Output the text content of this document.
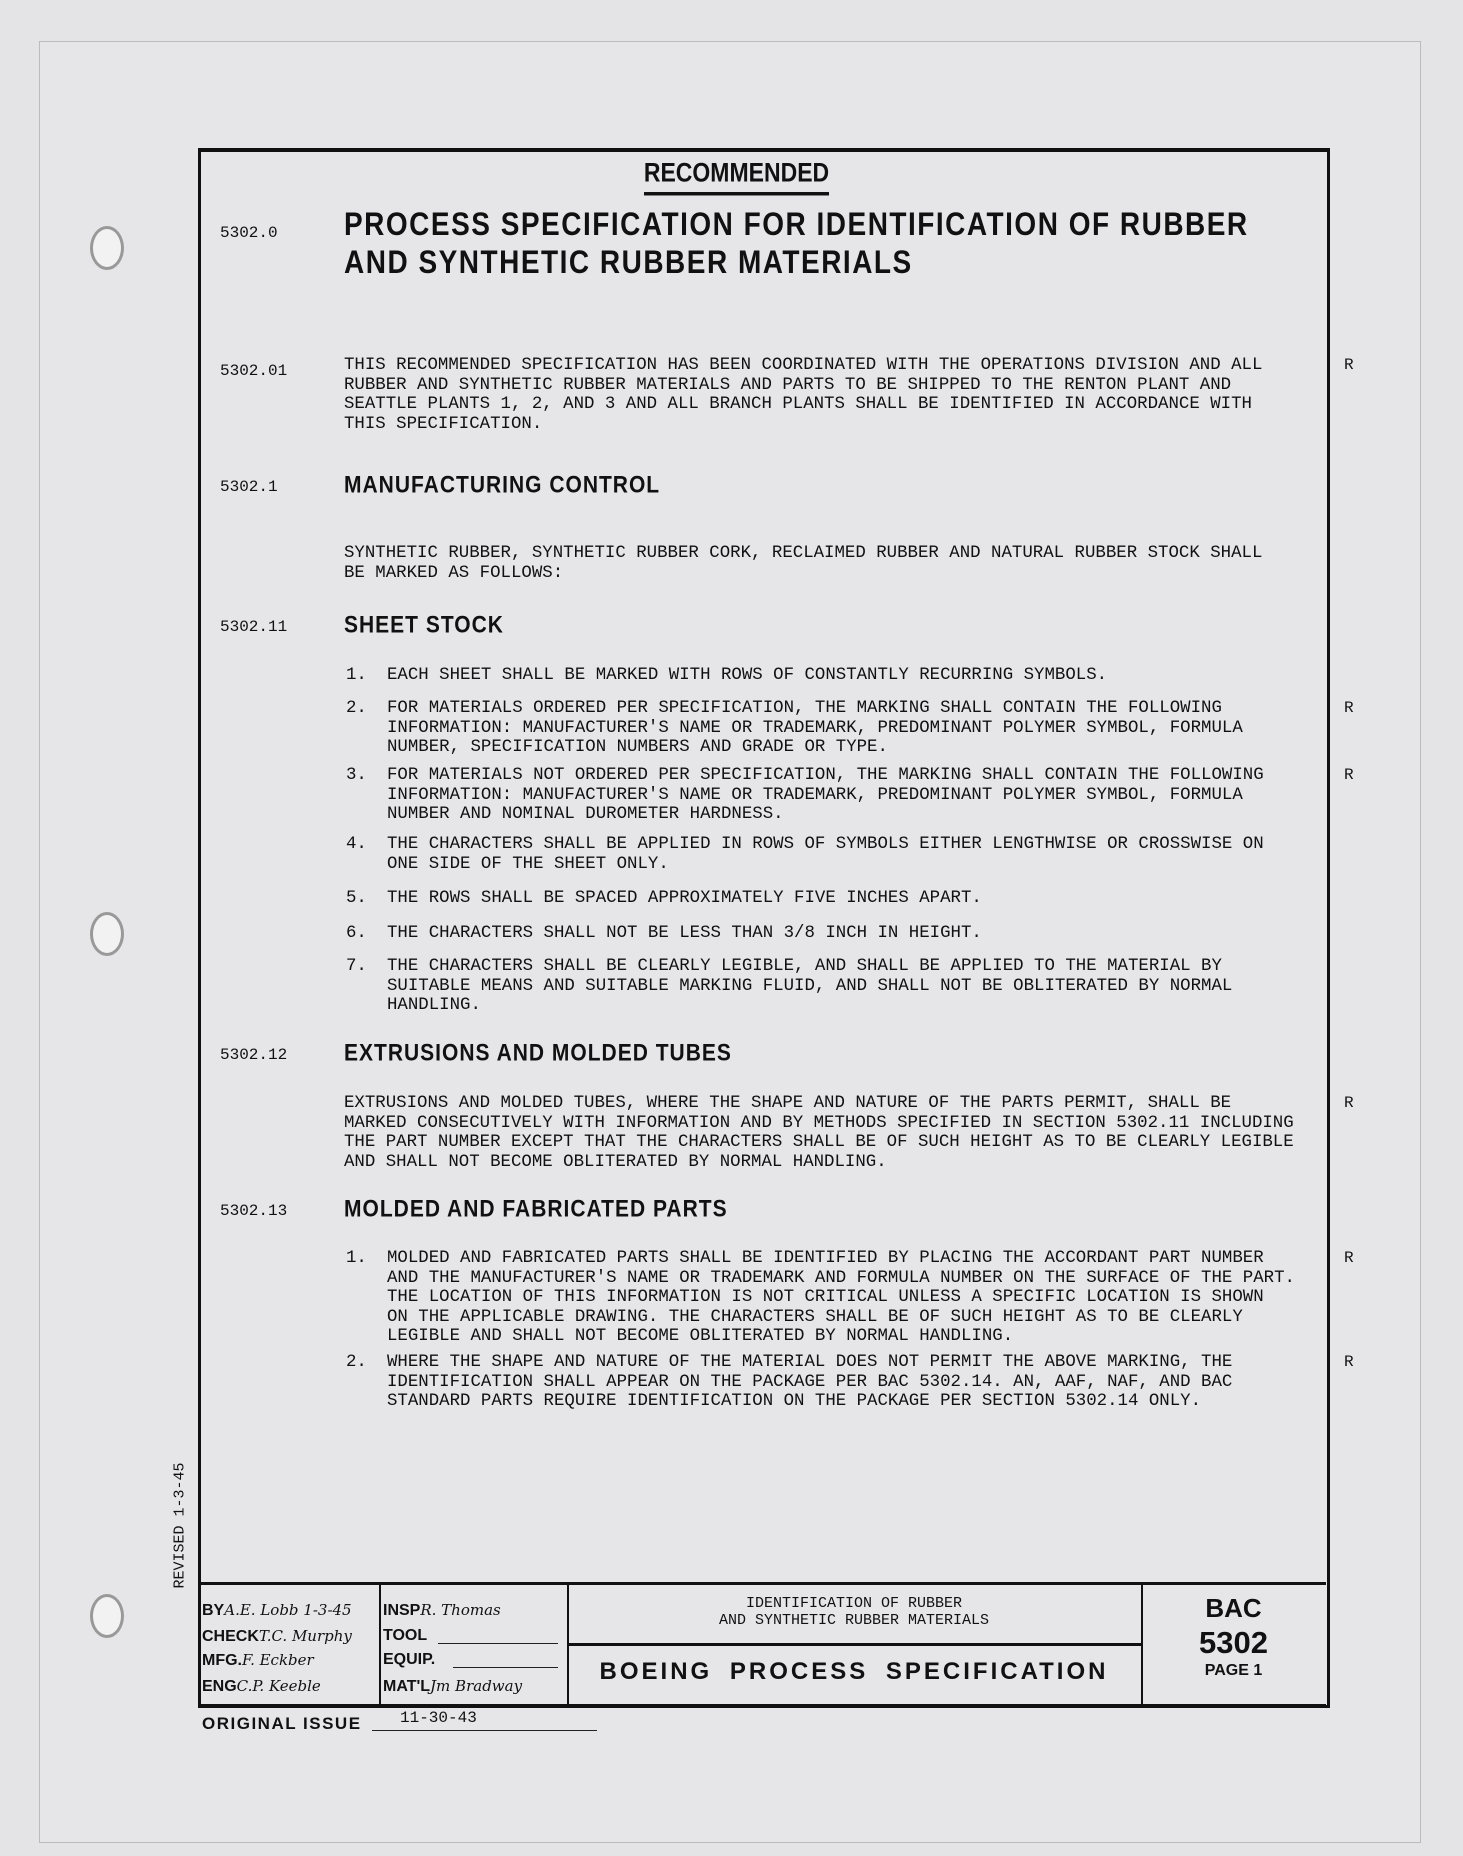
RECOMMENDED
5302.0 PROCESS SPECIFICATION FOR IDENTIFICATION OF RUBBER
AND SYNTHETIC RUBBER MATERIALS
5302.01	THIS RECOMMENDED SPECIFICATION HAS BEEN COORDINATED WITH THE OPERATIONS DIVISION AND ALL
RUBBER AND SYNTHETIC RUBBER MATERIALS AND PARTS TO BE SHIPPED TO THE RENTON PLANT AND
SEATTLE PLANTS 1, 2, AND 3 AND ALL BRANCH PLANTS SHALL BE IDENTIFIED IN ACCORDANCE WITH
THIS SPECIFICATION.
R
5302.1	MANUFACTURING CONTROL
SYNTHETIC RUBBER, SYNTHETIC RUBBER CORK, RECLAIMED RUBBER AND NATURAL RUBBER STOCK SHALL
BE MARKED AS FOLLOWS:
5302.11	SHEET STOCK
1. EACH SHEET SHALL BE MARKED WITH ROWS OF CONSTANTLY RECURRING SYMBOLS.
2. FOR MATERIALS ORDERED PER SPECIFICATION, THE MARKING SHALL CONTAIN THE FOLLOWING
INFORMATION: MANUFACTURER'S NAME OR TRADEMARK, PREDOMINANT POLYMER SYMBOL, FORMULA
NUMBER, SPECIFICATION NUMBERS AND GRADE OR TYPE.
R
3. FOR MATERIALS NOT ORDERED PER SPECIFICATION, THE MARKING SHALL CONTAIN THE FOLLOWING
INFORMATION: MANUFACTURER'S NAME OR TRADEMARK, PREDOMINANT POLYMER SYMBOL, FORMULA
NUMBER AND NOMINAL DUROMETER HARDNESS.
R
4. THE CHARACTERS SHALL BE APPLIED IN ROWS OF SYMBOLS EITHER LENGTHWISE OR CROSSWISE ON
ONE SIDE OF THE SHEET ONLY.
5. THE ROWS SHALL BE SPACED APPROXIMATELY FIVE INCHES APART.
6. THE CHARACTERS SHALL NOT BE LESS THAN 3/8 INCH IN HEIGHT.
7. THE CHARACTERS SHALL BE CLEARLY LEGIBLE, AND SHALL BE APPLIED TO THE MATERIAL BY
SUITABLE MEANS AND SUITABLE MARKING FLUID, AND SHALL NOT BE OBLITERATED BY NORMAL
HANDLING.
5302.12	EXTRUSIONS AND MOLDED TUBES
EXTRUSIONS AND MOLDED TUBES, WHERE THE SHAPE AND NATURE OF THE PARTS PERMIT, SHALL BE
MARKED CONSECUTIVELY WITH INFORMATION AND BY METHODS SPECIFIED IN SECTION 5302.11 INCLUDING
THE PART NUMBER EXCEPT THAT THE CHARACTERS SHALL BE OF SUCH HEIGHT AS TO BE CLEARLY LEGIBLE
AND SHALL NOT BECOME OBLITERATED BY NORMAL HANDLING.
R
5302.13	MOLDED AND FABRICATED PARTS
1. MOLDED AND FABRICATED PARTS SHALL BE IDENTIFIED BY PLACING THE ACCORDANT PART NUMBER
AND THE MANUFACTURER'S NAME OR TRADEMARK AND FORMULA NUMBER ON THE SURFACE OF THE PART.
THE LOCATION OF THIS INFORMATION IS NOT CRITICAL UNLESS A SPECIFIC LOCATION IS SHOWN
ON THE APPLICABLE DRAWING. THE CHARACTERS SHALL BE OF SUCH HEIGHT AS TO BE CLEARLY
LEGIBLE AND SHALL NOT BECOME OBLITERATED BY NORMAL HANDLING.
R
2. WHERE THE SHAPE AND NATURE OF THE MATERIAL DOES NOT PERMIT THE ABOVE MARKING, THE
IDENTIFICATION SHALL APPEAR ON THE PACKAGE PER BAC 5302.14. AN, AAF, NAF, AND BAC
STANDARD PARTS REQUIRE IDENTIFICATION ON THE PACKAGE PER SECTION 5302.14 ONLY.
R
REVISED 1-3-45
BYA.E. Lobb 1-3-45
CHECKT.C. Murphy
MFG.F. Eckber
ENGC.P. Keeble
INSPR. Thomas
TOOL
EQUIP.
MAT'LJm Bradway
IDENTIFICATION OF RUBBER
AND SYNTHETIC RUBBER MATERIALS
BOEING PROCESS SPECIFICATION
BAC
5302
PAGE 1
ORIGINAL ISSUE 11-30-43
